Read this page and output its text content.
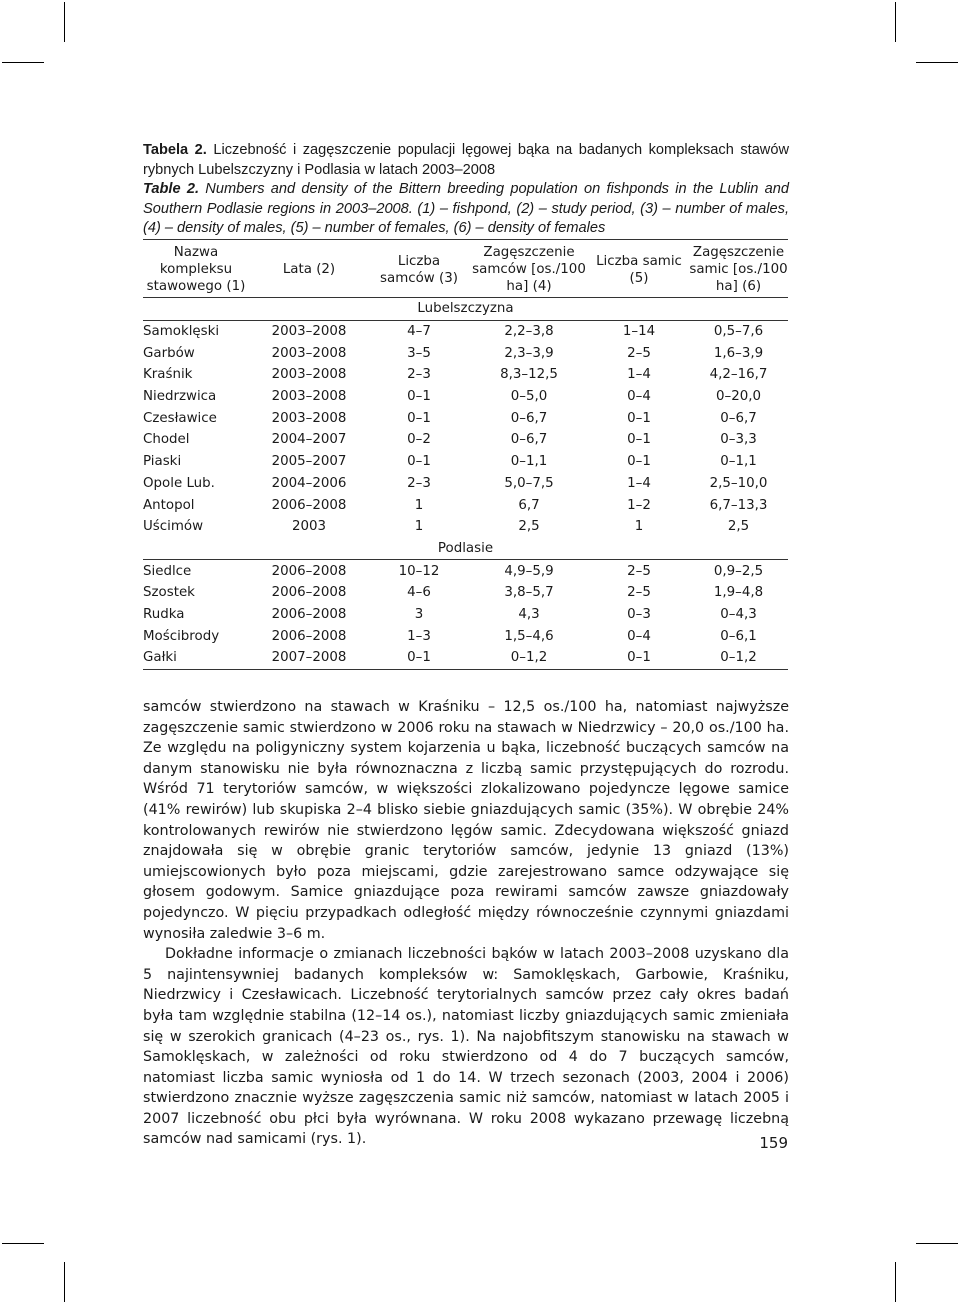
Tabela 2. Liczebność i zagęszczenie populacji lęgowej bąka na badanych kompleksach stawów rybnych Lubelszczyzny i Podlasia w latach 2003–2008
Table 2. Numbers and density of the Bittern breeding population on fishponds in the Lublin and Southern Podlasie regions in 2003–2008. (1) – fishpond, (2) – study period, (3) – number of males, (4) – density of males, (5) – number of females, (6) – density of females
Nazwa kompleksu stawowego (1)	Lata (2)	Liczba samców (3)	Zagęszczenie samców [os./100 ha] (4)	Liczba samic (5)	Zagęszczenie samic [os./100 ha] (6)
Lubelszczyzna					
Samoklęski	2003–2008	4–7	2,2–3,8	1–14	0,5–7,6
Garbów	2003–2008	3–5	2,3–3,9	2–5	1,6–3,9
Kraśnik	2003–2008	2–3	8,3–12,5	1–4	4,2–16,7
Niedrzwica	2003–2008	0–1	0–5,0	0–4	0–20,0
Czesławice	2003–2008	0–1	0–6,7	0–1	0–6,7
Chodel	2004–2007	0–2	0–6,7	0–1	0–3,3
Piaski	2005–2007	0–1	0–1,1	0–1	0–1,1
Opole Lub.	2004–2006	2–3	5,0–7,5	1–4	2,5–10,0
Antopol	2006–2008	1	6,7	1–2	6,7–13,3
Uścimów	2003	1	2,5	1	2,5
Podlasie					
Siedlce	2006–2008	10–12	4,9–5,9	2–5	0,9–2,5
Szostek	2006–2008	4–6	3,8–5,7	2–5	1,9–4,8
Rudka	2006–2008	3	4,3	0–3	0–4,3
Mościbrody	2006–2008	1–3	1,5–4,6	0–4	0–6,1
Gałki	2007–2008	0–1	0–1,2	0–1	0–1,2

samców stwierdzono na stawach w Kraśniku – 12,5 os./100 ha, natomiast najwyższe zagęszczenie samic stwierdzono w 2006 roku na stawach w Niedrzwicy – 20,0 os./100 ha. Ze względu na poligyniczny system kojarzenia u bąka, liczebność buczących samców na danym stanowisku nie była równoznaczna z liczbą samic przystępujących do rozrodu. Wśród 71 terytoriów samców, w większości zlokalizowano pojedyncze lęgowe samice (41% rewirów) lub skupiska 2–4 blisko siebie gniazdujących samic (35%). W obrębie 24% kontrolowanych rewirów nie stwierdzono lęgów samic. Zdecydowana większość gniazd znajdowała się w obrębie granic terytoriów samców, jedynie 13 gniazd (13%) umiejscowionych było poza miejscami, gdzie zarejestrowano samce odzywające się głosem godowym. Samice gniazdujące poza rewirami samców zawsze gniazdowały pojedynczo. W pięciu przypadkach odległość między równocześnie czynnymi gniazdami wynosiła zaledwie 3–6 m.

Dokładne informacje o zmianach liczebności bąków w latach 2003–2008 uzyskano dla 5 najintensywniej badanych kompleksów w: Samoklęskach, Garbowie, Kraśniku, Niedrzwicy i Czesławicach. Liczebność terytorialnych samców przez cały okres badań była tam względnie stabilna (12–14 os.), natomiast liczby gniazdujących samic zmieniała się w szerokich granicach (4–23 os., rys. 1). Na najobfitszym stanowisku na stawach w Samoklęskach, w zależności od roku stwierdzono od 4 do 7 buczących samców, natomiast liczba samic wyniosła od 1 do 14. W trzech sezonach (2003, 2004 i 2006) stwierdzono znacznie wyższe zagęszczenia samic niż samców, natomiast w latach 2005 i 2007 liczebność obu płci była wyrównana. W roku 2008 wykazano przewagę liczebną samców nad samicami (rys. 1).	159
